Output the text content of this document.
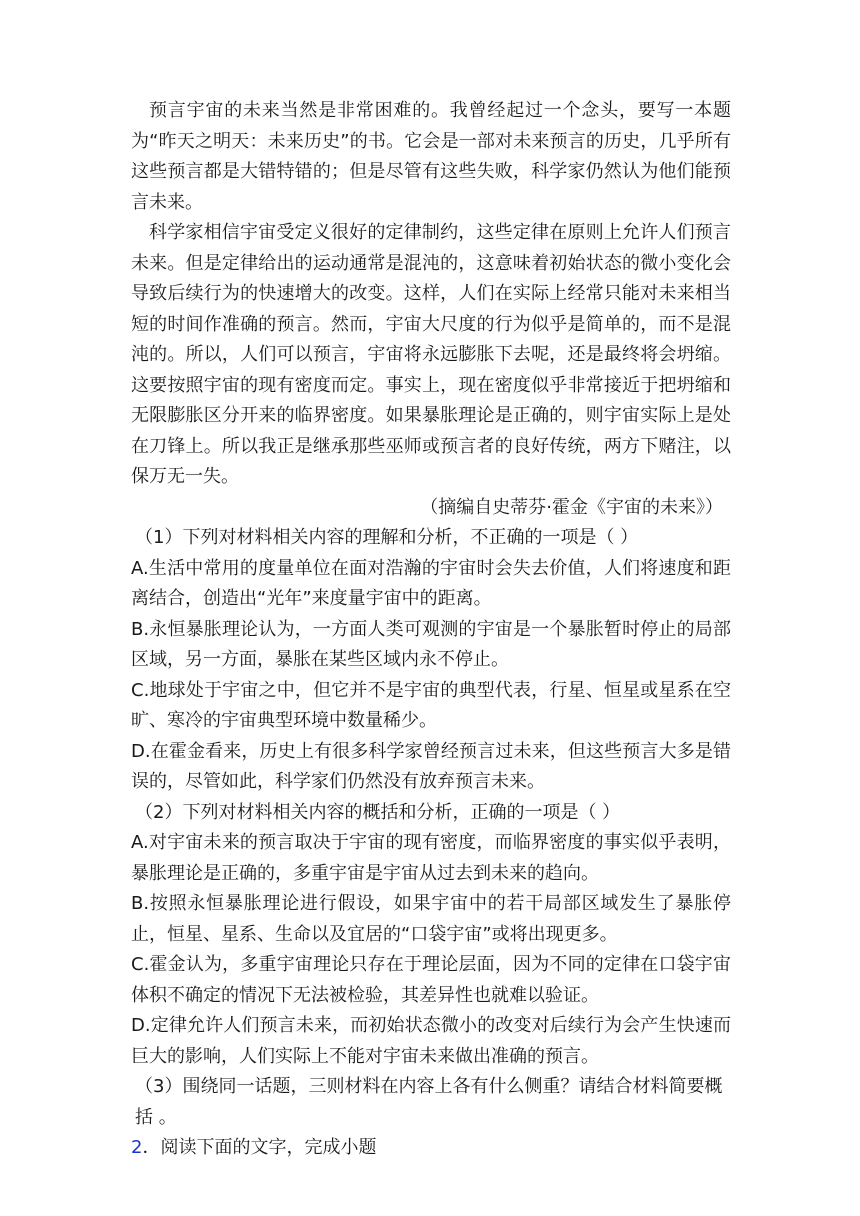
预言宇宙的未来当然是非常困难的。我曾经起过一个念头，要写一本题为“昨天之明天：未来历史”的书。它会是一部对未来预言的历史，几乎所有这些预言都是大错特错的；但是尽管有这些失败，科学家仍然认为他们能预言未来。

科学家相信宇宙受定义很好的定律制约，这些定律在原则上允许人们预言未来。但是定律给出的运动通常是混沌的，这意味着初始状态的微小变化会导致后续行为的快速增大的改变。这样，人们在实际上经常只能对未来相当短的时间作准确的预言。然而，宇宙大尺度的行为似乎是简单的，而不是混沌的。所以，人们可以预言，宇宙将永远膨胀下去呢，还是最终将会坍缩。这要按照宇宙的现有密度而定。事实上，现在密度似乎非常接近于把坍缩和无限膨胀区分开来的临界密度。如果暴胀理论是正确的，则宇宙实际上是处在刀锋上。所以我正是继承那些巫师或预言者的良好传统，两方下赌注，以保万无一失。

（摘编自史蒂芬·霍金《宇宙的未来》）

（1）下列对材料相关内容的理解和分析，不正确的一项是（ ）

A.生活中常用的度量单位在面对浩瀚的宇宙时会失去价值，人们将速度和距离结合，创造出“光年”来度量宇宙中的距离。

B.永恒暴胀理论认为，一方面人类可观测的宇宙是一个暴胀暂时停止的局部区域，另一方面，暴胀在某些区域内永不停止。

C.地球处于宇宙之中，但它并不是宇宙的典型代表，行星、恒星或星系在空旷、寒冷的宇宙典型环境中数量稀少。

D.在霍金看来，历史上有很多科学家曾经预言过未来，但这些预言大多是错误的，尽管如此，科学家们仍然没有放弃预言未来。

（2）下列对材料相关内容的概括和分析，正确的一项是（ ）

A.对宇宙未来的预言取决于宇宙的现有密度，而临界密度的事实似乎表明，暴胀理论是正确的，多重宇宙是宇宙从过去到未来的趋向。

B.按照永恒暴胀理论进行假设，如果宇宙中的若干局部区域发生了暴胀停止，恒星、星系、生命以及宜居的“口袋宇宙”或将出现更多。

C.霍金认为，多重宇宙理论只存在于理论层面，因为不同的定律在口袋宇宙体积不确定的情况下无法被检验，其差异性也就难以验证。

D.定律允许人们预言未来，而初始状态微小的改变对后续行为会产生快速而巨大的影响，人们实际上不能对宇宙未来做出准确的预言。

（3）围绕同一话题，三则材料在内容上各有什么侧重？请结合材料简要概括 。

2．阅读下面的文字，完成小题
